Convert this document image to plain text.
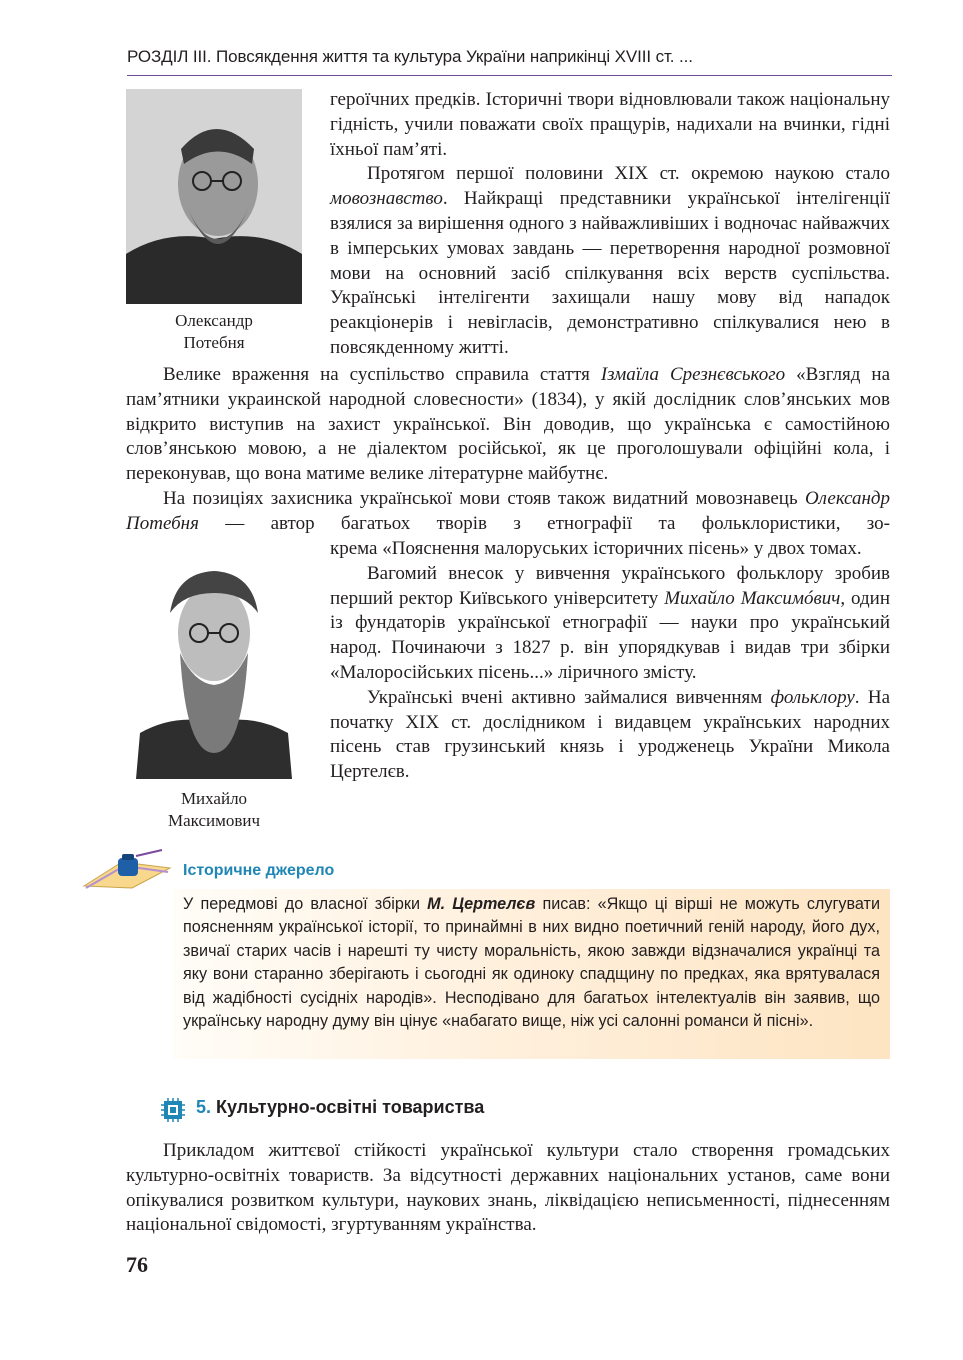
РОЗДІЛ ІІІ. Повсякдення життя та культура України наприкінці XVIII ст. ...
Олександр
Потебня
Михайло
Максимович

героїчних предків. Історичні твори відновлювали також національну гідність, учили поважати своїх пращурів, надихали на вчинки, гідні їхньої пам’яті.

Протягом першої половини XIX ст. окремою наукою стало мовознавство. Найкращі представники української інтелігенції взялися за вирішення одного з найважливіших і водночас найважчих в імперських умовах завдань — перетворення народної розмовної мови на основний засіб спілкування всіх верств суспільства. Українські інтелігенти захищали нашу мову від нападок реакціонерів і невігласів, демонстративно спілкувалися нею в повсякденному житті.

Велике враження на суспільство справила стаття Ізмаїла Срезнєвського «Взгляд на пам’ятники украинской народной словесности» (1834), у якій дослідник слов’янських мов відкрито виступив на захист української. Він доводив, що українська є самостійною слов’янською мовою, а не діалектом російської, як це проголошували офіційні кола, і переконував, що вона матиме велике літературне майбутнє.

На позиціях захисника української мови стояв також видатний мовознавець Олександр Потебня — автор багатьох творів з етнографії та фольклористики, зо-

крема «Пояснення малоруських історичних пісень» у двох томах.

Вагомий внесок у вивчення українського фольклору зробив перший ректор Київського університету Михайло Максимóвич, один із фундаторів української етнографії — науки про український народ. Починаючи з 1827 р. він упорядкував і видав три збірки «Малоросійських пісень...» ліричного змісту.

Українські вчені активно займалися вивченням фольклору. На початку XIX ст. дослідником і видавцем українських народних пісень став грузинський князь і уродженець України Микола Цертелєв.

Історичне джерело
У передмові до власної збірки М. Цертелєв писав: «Якщо ці вірші не можуть слугувати поясненням української історії, то принаймні в них видно поетичний геній народу, його дух, звичаї старих часів і нарешті ту чисту моральність, якою завжди відзначалися українці та яку вони старанно зберігають і сьогодні як одиноку спадщину по предках, яка врятувалася від жадібності сусідніх народів». Несподівано для багатьох інтелектуалів він заявив, що українську народну думу він цінує «набагато вище, ніж усі салонні романси й пісні».
5. Культурно-освітні товариства

Прикладом життєвої стійкості української культури стало створення громадських культурно-освітніх товариств. За відсутності державних національних установ, саме вони опікувалися розвитком культури, наукових знань, ліквідацією неписьменності, піднесенням національної свідомості, згуртуванням українства.

76
